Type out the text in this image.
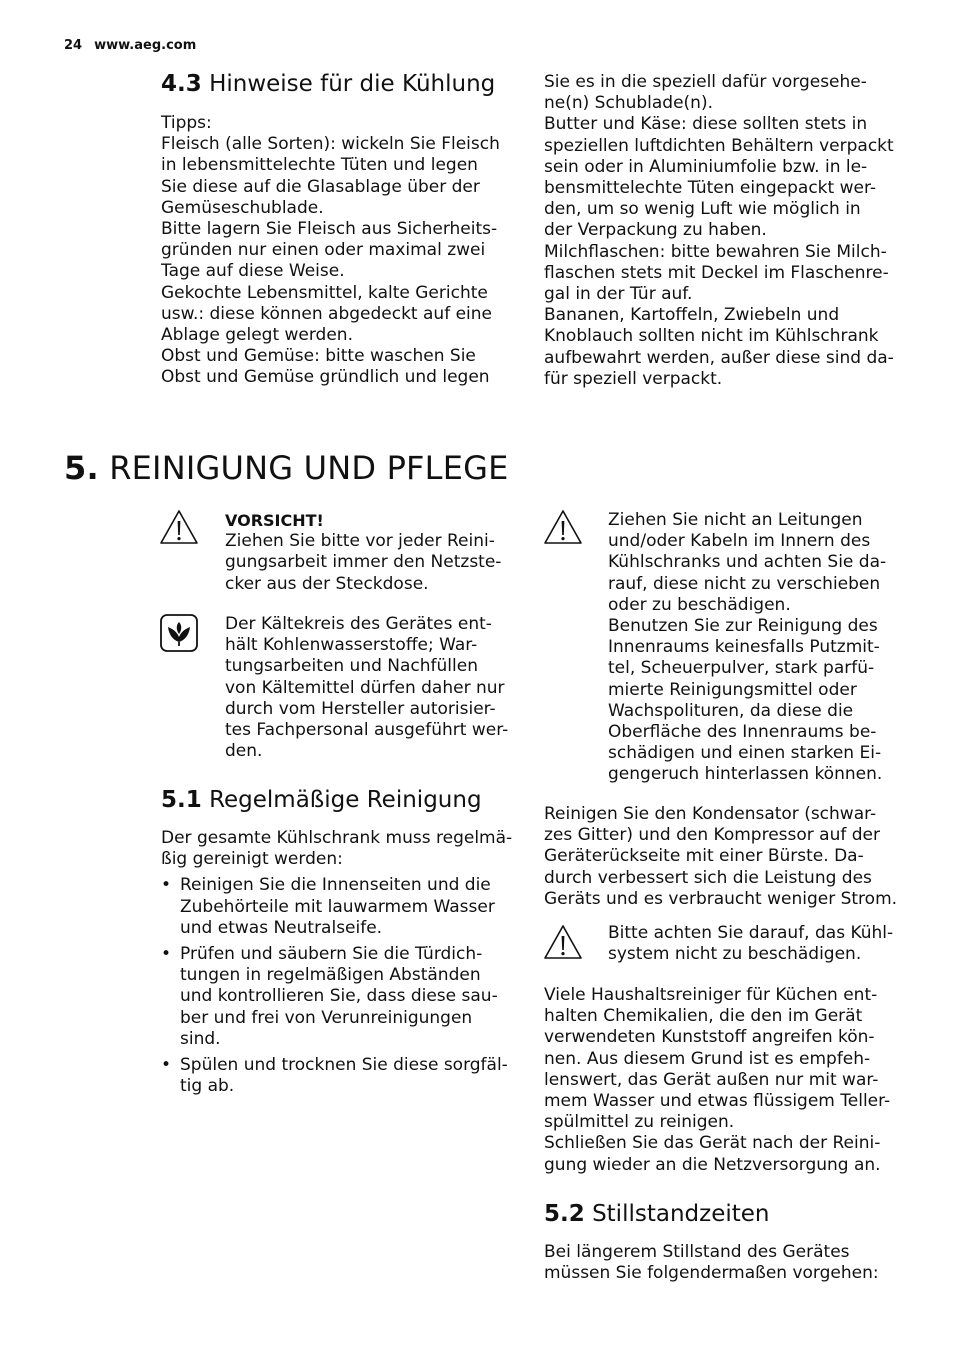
24 www.aeg.com
4.3 Hinweise für die Kühlung
Tipps:
Fleisch (alle Sorten): wickeln Sie Fleisch
in lebensmittelechte Tüten und legen
Sie diese auf die Glasablage über der
Gemüseschublade.
Bitte lagern Sie Fleisch aus Sicherheits-
gründen nur einen oder maximal zwei
Tage auf diese Weise.
Gekochte Lebensmittel, kalte Gerichte
usw.: diese können abgedeckt auf eine
Ablage gelegt werden.
Obst und Gemüse: bitte waschen Sie
Obst und Gemüse gründlich und legen
Sie es in die speziell dafür vorgesehe-
ne(n) Schublade(n).
Butter und Käse: diese sollten stets in
speziellen luftdichten Behältern verpackt
sein oder in Aluminiumfolie bzw. in le-
bensmittelechte Tüten eingepackt wer-
den, um so wenig Luft wie möglich in
der Verpackung zu haben.
Milchflaschen: bitte bewahren Sie Milch-
flaschen stets mit Deckel im Flaschenre-
gal in der Tür auf.
Bananen, Kartoffeln, Zwiebeln und
Knoblauch sollten nicht im Kühlschrank
aufbewahrt werden, außer diese sind da-
für speziell verpackt.
5. REINIGUNG UND PFLEGE
VORSICHT!
Ziehen Sie bitte vor jeder Reini-
gungsarbeit immer den Netzste-
cker aus der Steckdose.
Der Kältekreis des Gerätes ent-
hält Kohlenwasserstoffe; War-
tungsarbeiten und Nachfüllen
von Kältemittel dürfen daher nur
durch vom Hersteller autorisier-
tes Fachpersonal ausgeführt wer-
den.
5.1 Regelmäßige Reinigung
Der gesamte Kühlschrank muss regelmä-
ßig gereinigt werden:
• Reinigen Sie die Innenseiten und die
Zubehörteile mit lauwarmem Wasser
und etwas Neutralseife.
• Prüfen und säubern Sie die Türdich-
tungen in regelmäßigen Abständen
und kontrollieren Sie, dass diese sau-
ber und frei von Verunreinigungen
sind.
• Spülen und trocknen Sie diese sorgfäl-
tig ab.
Ziehen Sie nicht an Leitungen
und/oder Kabeln im Innern des
Kühlschranks und achten Sie da-
rauf, diese nicht zu verschieben
oder zu beschädigen.
Benutzen Sie zur Reinigung des
Innenraums keinesfalls Putzmit-
tel, Scheuerpulver, stark parfü-
mierte Reinigungsmittel oder
Wachspolituren, da diese die
Oberfläche des Innenraums be-
schädigen und einen starken Ei-
gengeruch hinterlassen können.
Reinigen Sie den Kondensator (schwar-
zes Gitter) und den Kompressor auf der
Geräterückseite mit einer Bürste. Da-
durch verbessert sich die Leistung des
Geräts und es verbraucht weniger Strom.
Bitte achten Sie darauf, das Kühl-
system nicht zu beschädigen.
Viele Haushaltsreiniger für Küchen ent-
halten Chemikalien, die den im Gerät
verwendeten Kunststoff angreifen kön-
nen. Aus diesem Grund ist es empfeh-
lenswert, das Gerät außen nur mit war-
mem Wasser und etwas flüssigem Teller-
spülmittel zu reinigen.
Schließen Sie das Gerät nach der Reini-
gung wieder an die Netzversorgung an.
5.2 Stillstandzeiten
Bei längerem Stillstand des Gerätes
müssen Sie folgendermaßen vorgehen:
